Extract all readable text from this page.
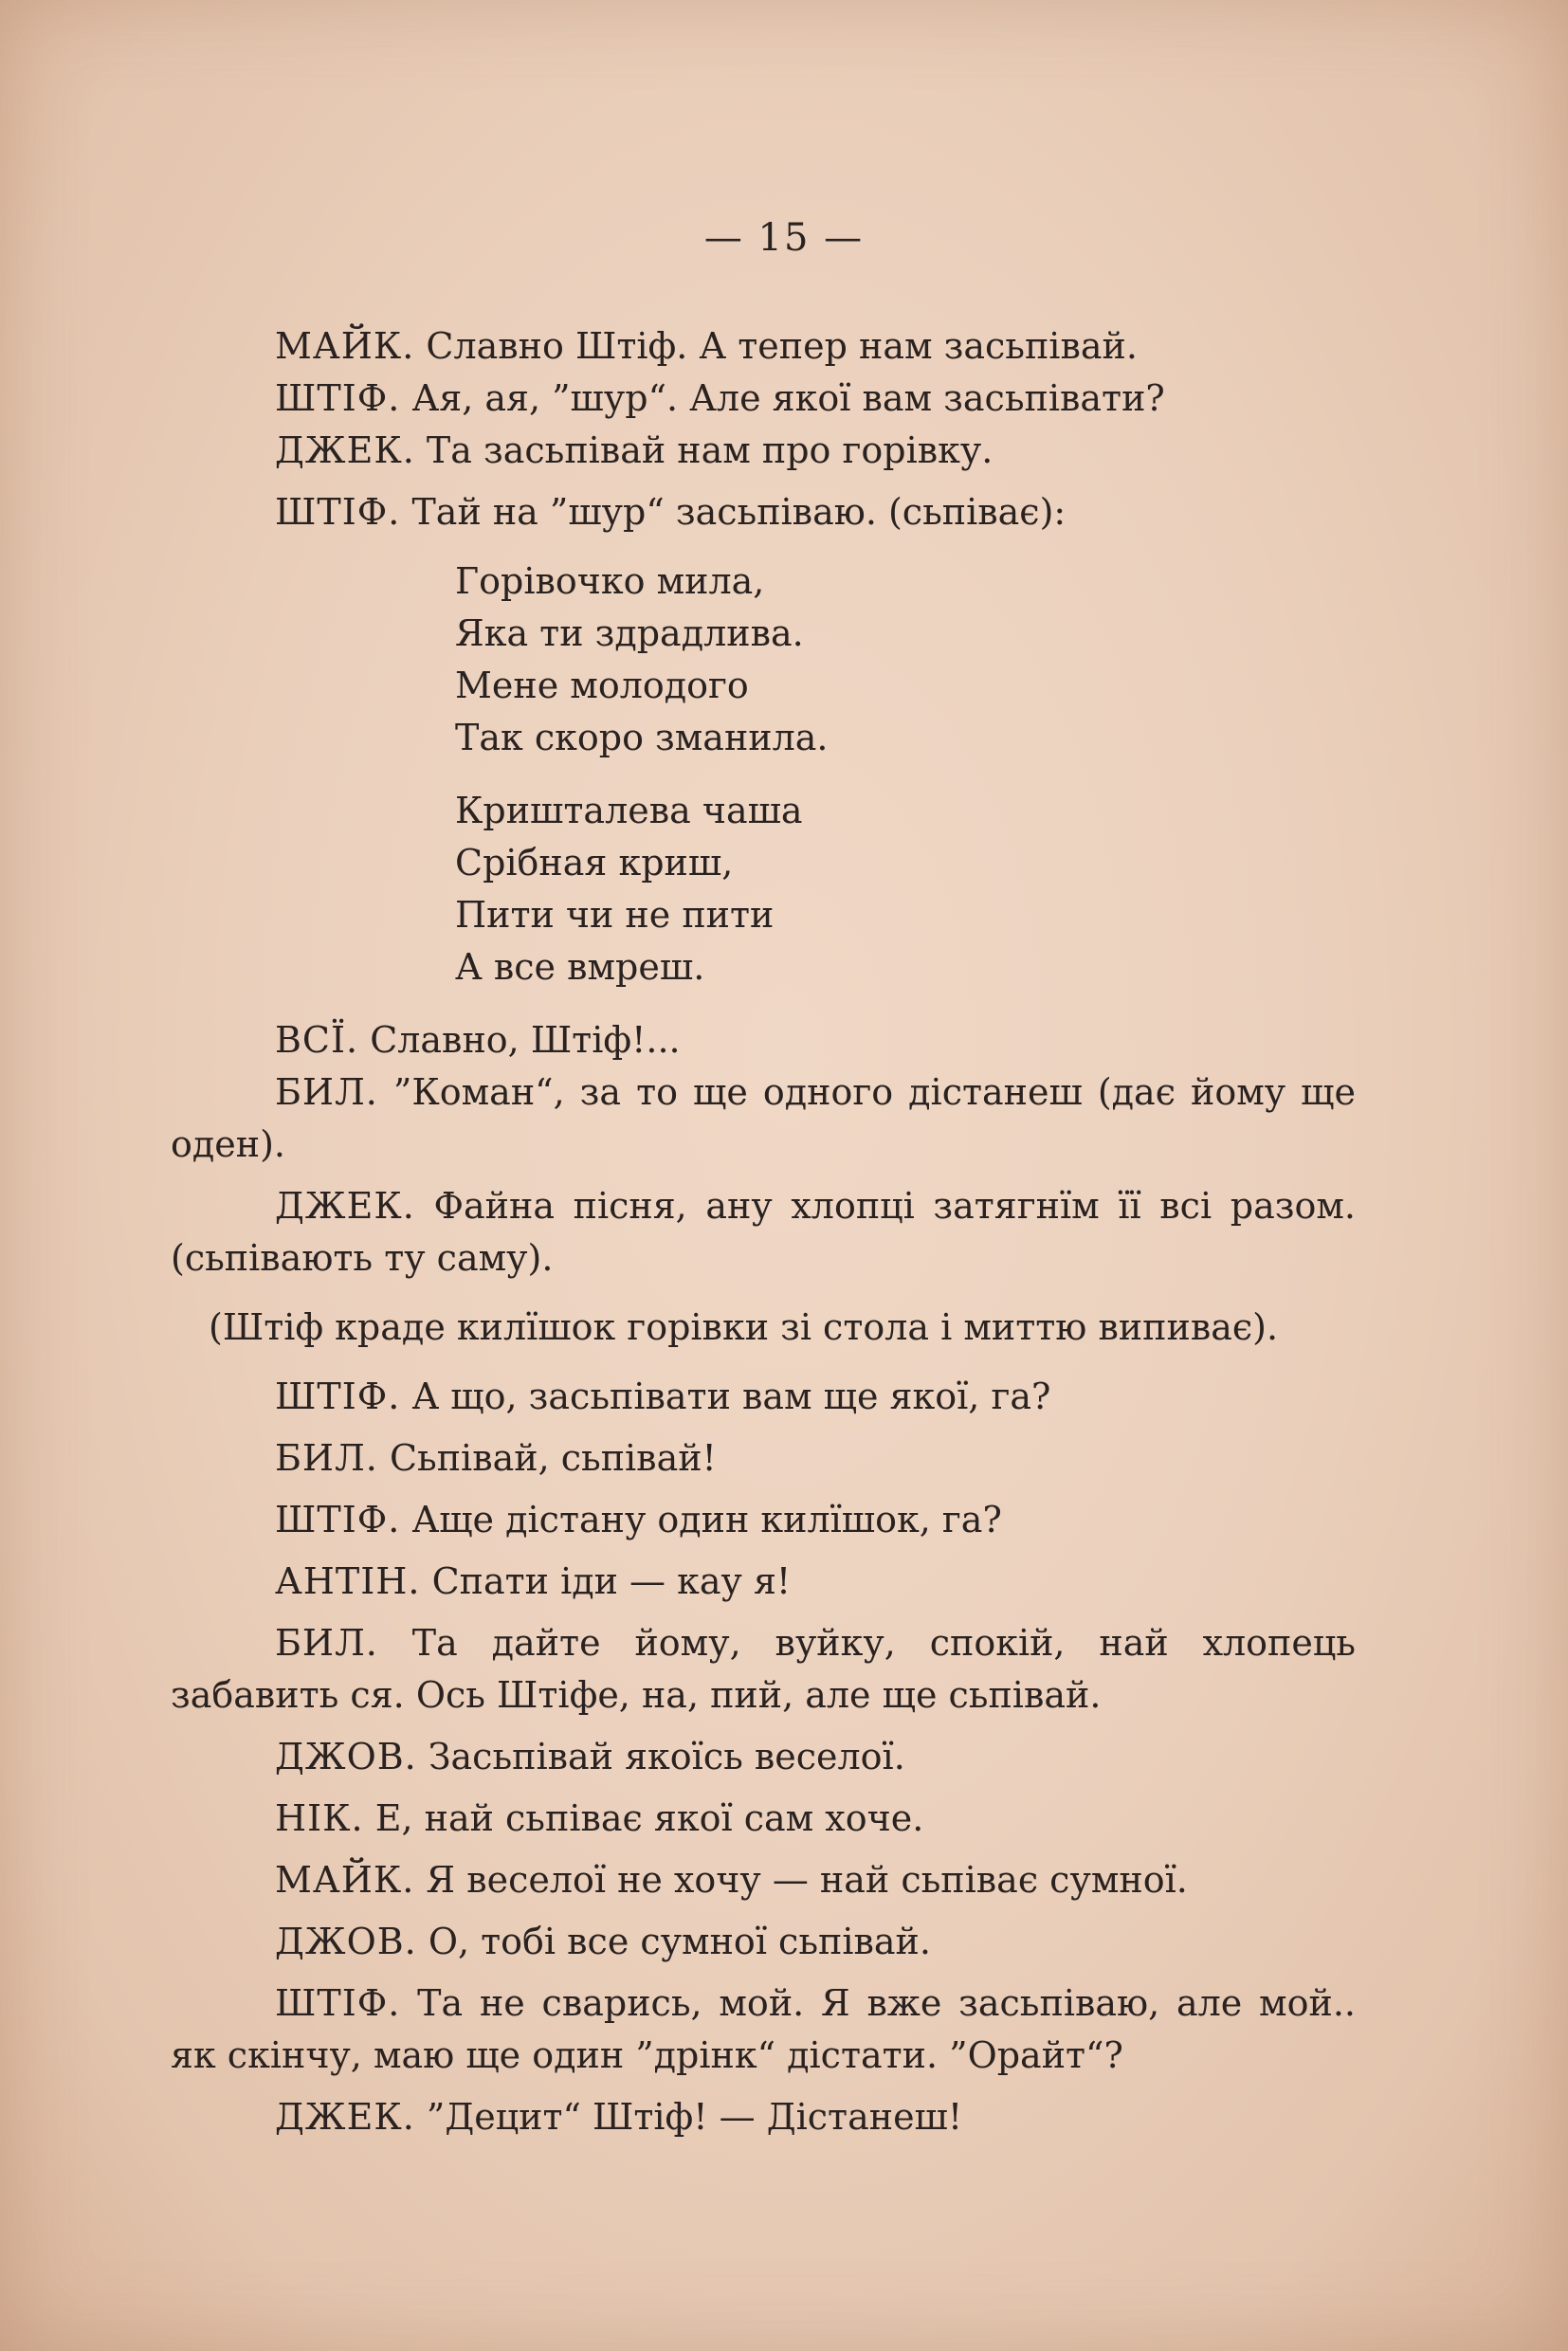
— 15 —

МАЙК. Славно Штіф. А тепер нам засьпівай.

ШТІФ. Ая, ая, ”шур“. Але якої вам засьпівати?

ДЖЕК. Та засьпівай нам про горівку.

ШТІФ. Тай на ”шур“ засьпіваю. (сьпіває):

Горівочко мила,
Яка ти здрадлива.
Мене молодого
Так скоро зманила.
Кришталева чаша
Срібная криш,
Пити чи не пити
А все вмреш.

ВСЇ. Славно, Штіф!...

БИЛ. ”Коман“, за то ще одного дістанеш (дає йому ще оден).

ДЖЕК. Файна пісня, ану хлопці затягнїм її всі разом. (сьпівають ту саму).

(Штіф краде килїшок горівки зі стола і миттю випиває).

ШТІФ. А що, засьпівати вам ще якої, га?

БИЛ. Сьпівай, сьпівай!

ШТІФ. Аще дістану один килїшок, га?

АНТІН. Спати іди — кау я!

БИЛ. Та дайте йому, вуйку, спокій, най хлопець забавить ся. Ось Штіфе, на, пий, але ще сьпівай.

ДЖОВ. Засьпівай якоїсь веселої.

НІК. Е, най сьпіває якої сам хоче.

МАЙК. Я веселої не хочу — най сьпіває сумної.

ДЖОВ. О, тобі все сумної сьпівай.

ШТІФ. Та не сварись, мой. Я вже засьпіваю, але мой.. як скінчу, маю ще один ”дрінк“ дістати. ”Орайт“?

ДЖЕК. ”Децит“ Штіф! — Дістанеш!
